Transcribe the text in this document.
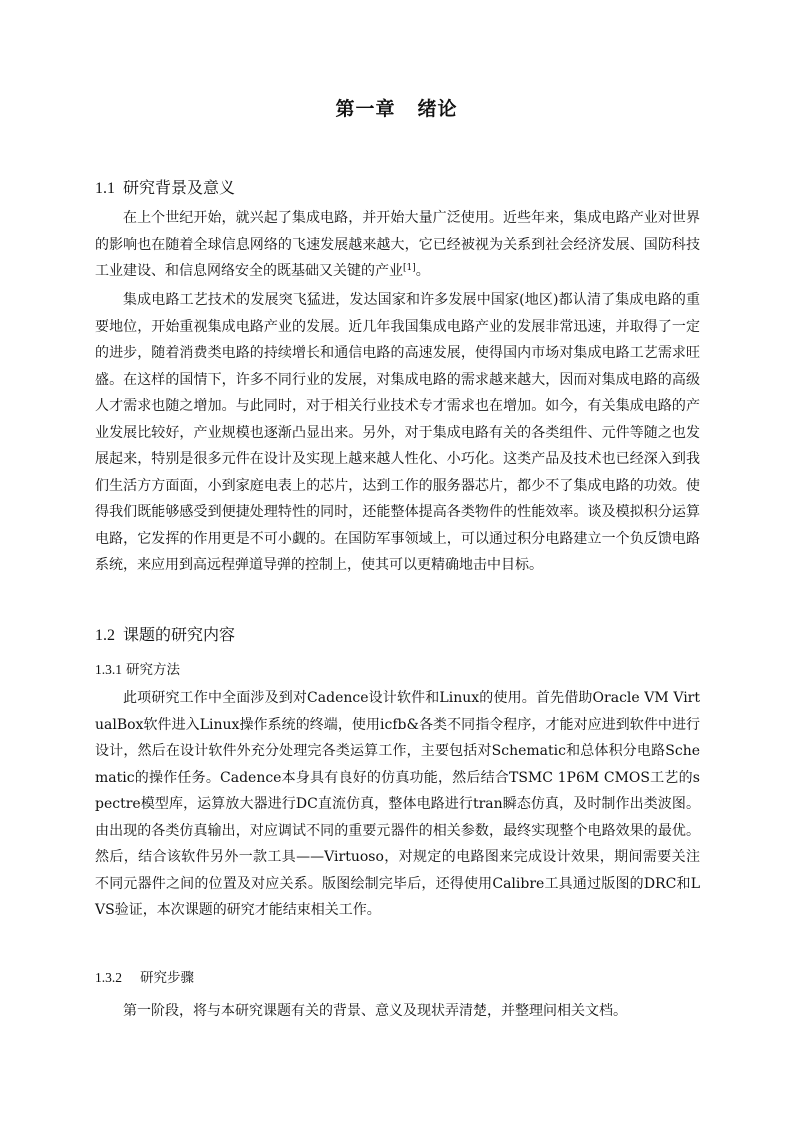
第一章 绪论
1.1 研究背景及意义

在上个世纪开始，就兴起了集成电路，并开始大量广泛使用。近些年来，集成电路产业对世界的影响也在随着全球信息网络的飞速发展越来越大，它已经被视为关系到社会经济发展、国防科技工业建设、和信息网络安全的既基础又关键的产业[1]。

集成电路工艺技术的发展突飞猛进，发达国家和许多发展中国家(地区)都认清了集成电路的重要地位，开始重视集成电路产业的发展。近几年我国集成电路产业的发展非常迅速，并取得了一定的进步，随着消费类电路的持续增长和通信电路的高速发展，使得国内市场对集成电路工艺需求旺盛。在这样的国情下，许多不同行业的发展，对集成电路的需求越来越大，因而对集成电路的高级人才需求也随之增加。与此同时，对于相关行业技术专才需求也在增加。如今，有关集成电路的产业发展比较好，产业规模也逐渐凸显出来。另外，对于集成电路有关的各类组件、元件等随之也发展起来，特别是很多元件在设计及实现上越来越人性化、小巧化。这类产品及技术也已经深入到我们生活方方面面，小到家庭电表上的芯片，达到工作的服务器芯片，都少不了集成电路的功效。使得我们既能够感受到便捷处理特性的同时，还能整体提高各类物件的性能效率。谈及模拟积分运算电路，它发挥的作用更是不可小觑的。在国防军事领域上，可以通过积分电路建立一个负反馈电路系统，来应用到高远程弹道导弹的控制上，使其可以更精确地击中目标。

1.2 课题的研究内容
1.3.1 研究方法

此项研究工作中全面涉及到对Cadence设计软件和Linux的使用。首先借助Oracle VM VirtualBox软件进入Linux操作系统的终端，使用icfb&各类不同指令程序，才能对应进到软件中进行设计，然后在设计软件外充分处理完各类运算工作，主要包括对Schematic和总体积分电路Schematic的操作任务。Cadence本身具有良好的仿真功能，然后结合TSMC 1P6M CMOS工艺的spectre模型库，运算放大器进行DC直流仿真，整体电路进行tran瞬态仿真，及时制作出类波图。由出现的各类仿真输出，对应调试不同的重要元器件的相关参数，最终实现整个电路效果的最优。然后，结合该软件另外一款工具——Virtuoso，对规定的电路图来完成设计效果，期间需要关注不同元器件之间的位置及对应关系。版图绘制完毕后，还得使用Calibre工具通过版图的DRC和LVS验证，本次课题的研究才能结束相关工作。

1.3.2 研究步骤

第一阶段，将与本研究课题有关的背景、意义及现状弄清楚，并整理问相关文档。
